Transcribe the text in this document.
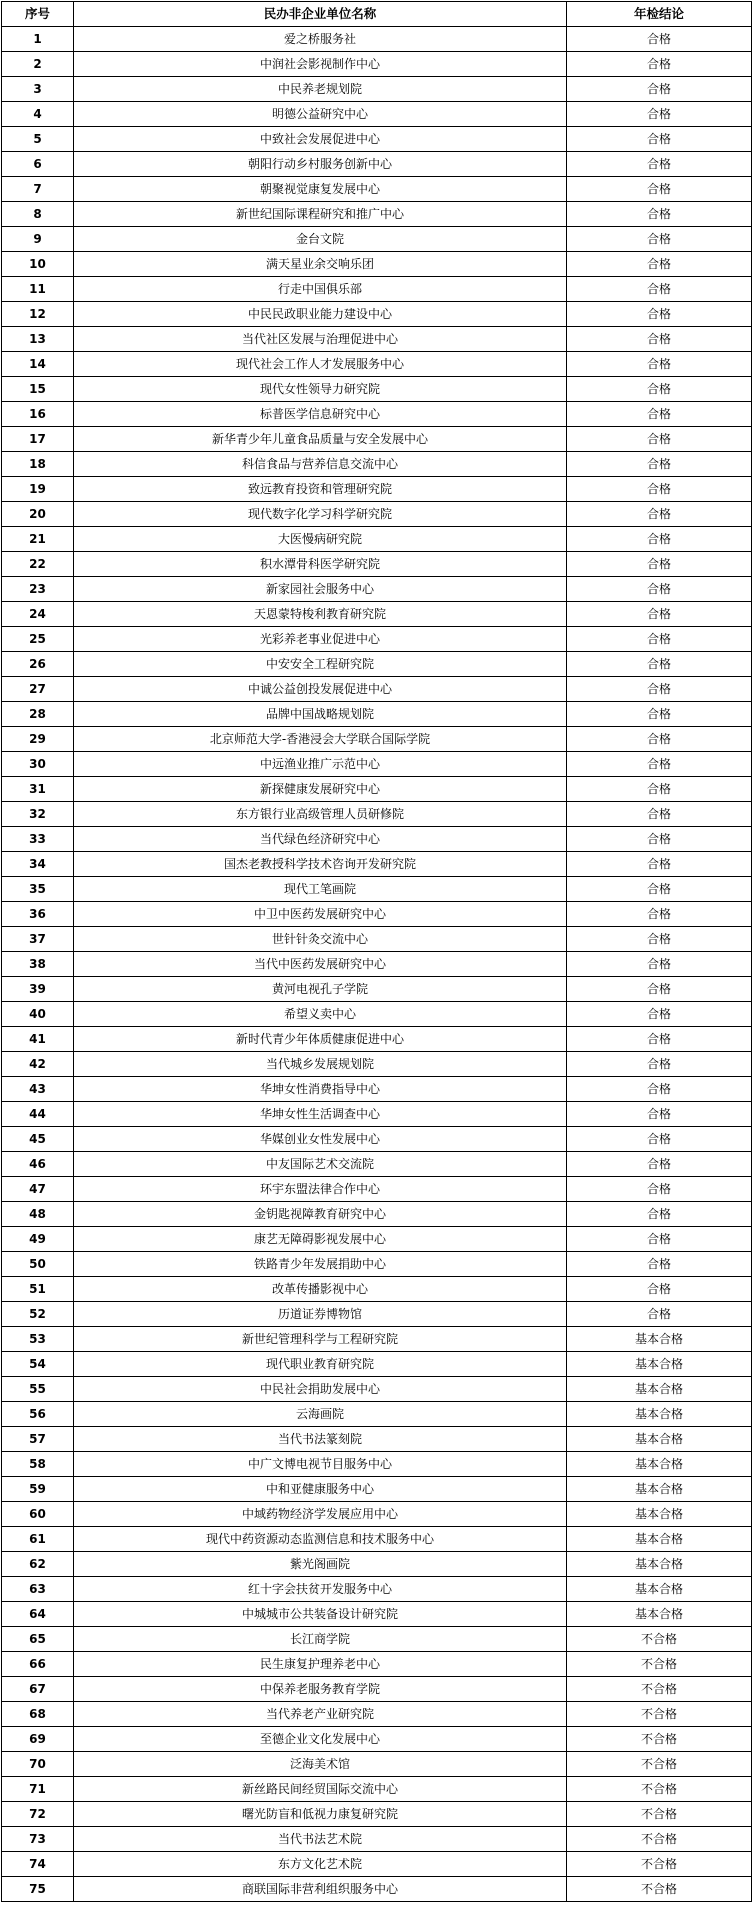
序号	民办非企业单位名称	年检结论
1	爱之桥服务社	合格
2	中润社会影视制作中心	合格
3	中民养老规划院	合格
4	明德公益研究中心	合格
5	中致社会发展促进中心	合格
6	朝阳行动乡村服务创新中心	合格
7	朝聚视觉康复发展中心	合格
8	新世纪国际课程研究和推广中心	合格
9	金台文院	合格
10	满天星业余交响乐团	合格
11	行走中国俱乐部	合格
12	中民民政职业能力建设中心	合格
13	当代社区发展与治理促进中心	合格
14	现代社会工作人才发展服务中心	合格
15	现代女性领导力研究院	合格
16	标普医学信息研究中心	合格
17	新华青少年儿童食品质量与安全发展中心	合格
18	科信食品与营养信息交流中心	合格
19	致远教育投资和管理研究院	合格
20	现代数字化学习科学研究院	合格
21	大医慢病研究院	合格
22	积水潭骨科医学研究院	合格
23	新家园社会服务中心	合格
24	天恩蒙特梭利教育研究院	合格
25	光彩养老事业促进中心	合格
26	中安安全工程研究院	合格
27	中诚公益创投发展促进中心	合格
28	品牌中国战略规划院	合格
29	北京师范大学-香港浸会大学联合国际学院	合格
30	中远渔业推广示范中心	合格
31	新探健康发展研究中心	合格
32	东方银行业高级管理人员研修院	合格
33	当代绿色经济研究中心	合格
34	国杰老教授科学技术咨询开发研究院	合格
35	现代工笔画院	合格
36	中卫中医药发展研究中心	合格
37	世针针灸交流中心	合格
38	当代中医药发展研究中心	合格
39	黄河电视孔子学院	合格
40	希望义卖中心	合格
41	新时代青少年体质健康促进中心	合格
42	当代城乡发展规划院	合格
43	华坤女性消费指导中心	合格
44	华坤女性生活调查中心	合格
45	华媒创业女性发展中心	合格
46	中友国际艺术交流院	合格
47	环宇东盟法律合作中心	合格
48	金钥匙视障教育研究中心	合格
49	康艺无障碍影视发展中心	合格
50	铁路青少年发展捐助中心	合格
51	改革传播影视中心	合格
52	历道证券博物馆	合格
53	新世纪管理科学与工程研究院	基本合格
54	现代职业教育研究院	基本合格
55	中民社会捐助发展中心	基本合格
56	云海画院	基本合格
57	当代书法篆刻院	基本合格
58	中广文博电视节目服务中心	基本合格
59	中和亚健康服务中心	基本合格
60	中域药物经济学发展应用中心	基本合格
61	现代中药资源动态监测信息和技术服务中心	基本合格
62	紫光阁画院	基本合格
63	红十字会扶贫开发服务中心	基本合格
64	中城城市公共装备设计研究院	基本合格
65	长江商学院	不合格
66	民生康复护理养老中心	不合格
67	中保养老服务教育学院	不合格
68	当代养老产业研究院	不合格
69	至德企业文化发展中心	不合格
70	泛海美术馆	不合格
71	新丝路民间经贸国际交流中心	不合格
72	曙光防盲和低视力康复研究院	不合格
73	当代书法艺术院	不合格
74	东方文化艺术院	不合格
75	商联国际非营利组织服务中心	不合格
